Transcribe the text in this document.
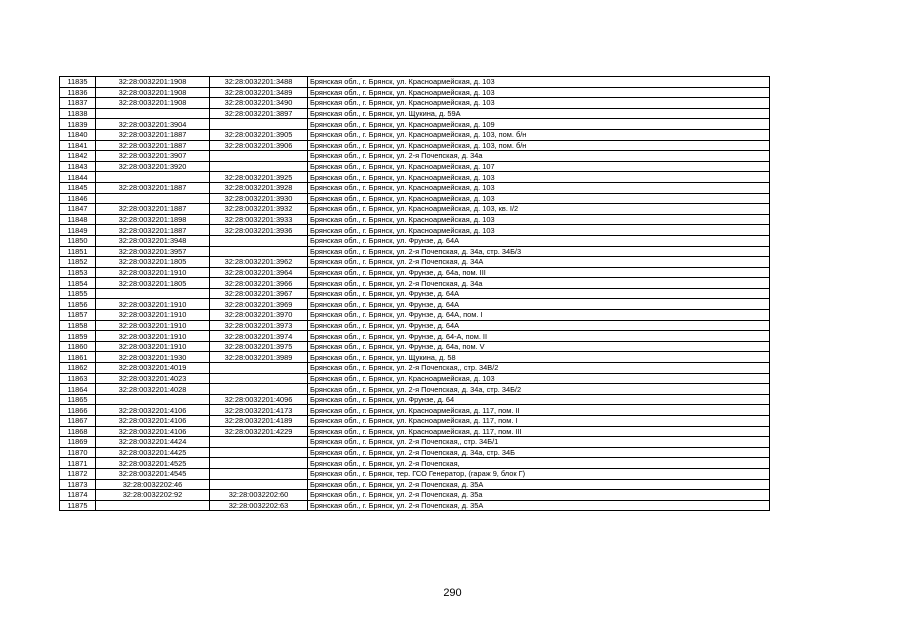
11835	32:28:0032201:1908	32:28:0032201:3488	Брянская обл., г. Брянск, ул. Красноармейская, д. 103
11836	32:28:0032201:1908	32:28:0032201:3489	Брянская обл., г. Брянск, ул. Красноармейская, д. 103
11837	32:28:0032201:1908	32:28:0032201:3490	Брянская обл., г. Брянск, ул. Красноармейская, д. 103
11838		32:28:0032201:3897	Брянская обл., г. Брянск, ул. Щукина, д. 59А
11839	32:28:0032201:3904		Брянская обл., г. Брянск, ул. Красноармейская, д. 109
11840	32:28:0032201:1887	32:28:0032201:3905	Брянская обл., г. Брянск, ул. Красноармейская, д. 103, пом. б/н
11841	32:28:0032201:1887	32:28:0032201:3906	Брянская обл., г. Брянск, ул. Красноармейская, д. 103, пом. б/н
11842	32:28:0032201:3907		Брянская обл., г. Брянск, ул. 2-я Почепская, д. 34а
11843	32:28:0032201:3920		Брянская обл., г. Брянск, ул. Красноармейская, д. 107
11844		32:28:0032201:3925	Брянская обл., г. Брянск, ул. Красноармейская, д. 103
11845	32:28:0032201:1887	32:28:0032201:3928	Брянская обл., г. Брянск, ул. Красноармейская, д. 103
11846		32:28:0032201:3930	Брянская обл., г. Брянск, ул. Красноармейская, д. 103
11847	32:28:0032201:1887	32:28:0032201:3932	Брянская обл., г. Брянск, ул. Красноармейская, д. 103, кв. I/2
11848	32:28:0032201:1898	32:28:0032201:3933	Брянская обл., г. Брянск, ул. Красноармейская, д. 103
11849	32:28:0032201:1887	32:28:0032201:3936	Брянская обл., г. Брянск, ул. Красноармейская, д. 103
11850	32:28:0032201:3948		Брянская обл., г. Брянск, ул. Фрунзе, д. 64А
11851	32:28:0032201:3957		Брянская обл., г. Брянск, ул. 2-я Почепская, д. 34а, стр. 34Б/3
11852	32:28:0032201:1805	32:28:0032201:3962	Брянская обл., г. Брянск, ул. 2-я Почепская, д. 34А
11853	32:28:0032201:1910	32:28:0032201:3964	Брянская обл., г. Брянск, ул. Фрунзе, д. 64а, пом. III
11854	32:28:0032201:1805	32:28:0032201:3966	Брянская обл., г. Брянск, ул. 2-я Почепская, д. 34а
11855		32:28:0032201:3967	Брянская обл., г. Брянск, ул. Фрунзе, д. 64А
11856	32:28:0032201:1910	32:28:0032201:3969	Брянская обл., г. Брянск, ул. Фрунзе, д. 64А
11857	32:28:0032201:1910	32:28:0032201:3970	Брянская обл., г. Брянск, ул. Фрунзе, д. 64А, пом. I
11858	32:28:0032201:1910	32:28:0032201:3973	Брянская обл., г. Брянск, ул. Фрунзе, д. 64А
11859	32:28:0032201:1910	32:28:0032201:3974	Брянская обл., г. Брянск, ул. Фрунзе, д. 64-А, пом. II
11860	32:28:0032201:1910	32:28:0032201:3975	Брянская обл., г. Брянск, ул. Фрунзе, д. 64а, пом. V
11861	32:28:0032201:1930	32:28:0032201:3989	Брянская обл., г. Брянск, ул. Щукина, д. 58
11862	32:28:0032201:4019		Брянская обл., г. Брянск, ул. 2-я Почепская,, стр. 34В/2
11863	32:28:0032201:4023		Брянская обл., г. Брянск, ул. Красноармейская, д. 103
11864	32:28:0032201:4028		Брянская обл., г. Брянск, ул. 2-я Почепская, д. 34а, стр. 34Б/2
11865		32:28:0032201:4096	Брянская обл., г. Брянск, ул. Фрунзе, д. 64
11866	32:28:0032201:4106	32:28:0032201:4173	Брянская обл., г. Брянск, ул. Красноармейская, д. 117, пом. II
11867	32:28:0032201:4106	32:28:0032201:4189	Брянская обл., г. Брянск, ул. Красноармейская, д. 117, пом. I
11868	32:28:0032201:4106	32:28:0032201:4229	Брянская обл., г. Брянск, ул. Красноармейская, д. 117, пом. III
11869	32:28:0032201:4424		Брянская обл., г. Брянск, ул. 2-я Почепская,, стр. 34Б/1
11870	32:28:0032201:4425		Брянская обл., г. Брянск, ул. 2-я Почепская, д. 34а, стр. 34Б
11871	32:28:0032201:4525		Брянская обл., г. Брянск, ул. 2-я Почепская,
11872	32:28:0032201:4545		Брянская обл., г. Брянск, тер. ГСО Генератор, (гараж 9, блок Г)
11873	32:28:0032202:46		Брянская обл., г. Брянск, ул. 2-я Почепская, д. 35А
11874	32:28:0032202:92	32:28:0032202:60	Брянская обл., г. Брянск, ул. 2-я Почепская, д. 35а
11875		32:28:0032202:63	Брянская обл., г. Брянск, ул. 2-я Почепская, д. 35А
290
